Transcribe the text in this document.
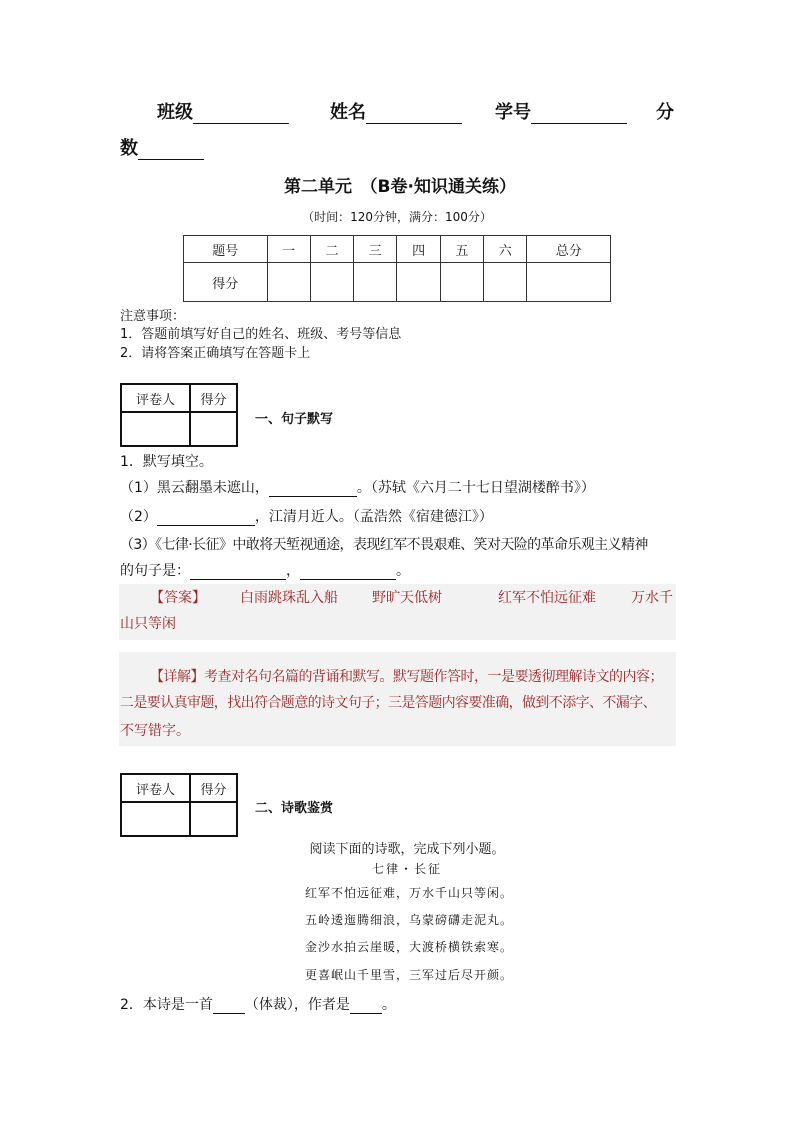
班级	姓名	学号	分
数
第二单元　（B卷·知识通关练）
（时间：120分钟，满分：100分）
题号	一	二	三	四	五	六	总分
得分							
注意事项：
1．答题前填写好自己的姓名、班级、考号等信息
2．请将答案正确填写在答题卡上
评卷人	得分

一、句子默写
1．默写填空。
（1）黑云翻墨未遮山，	。（苏轼《六月二十七日望湖楼醉书》）
（2）	，江清月近人。（孟浩然《宿建德江》）
（3）《七律·长征》中敢将天堑视通途，表现红军不畏艰难、笑对天险的革命乐观主义精神
的句子是：	，	。
【答案】 白雨跳珠乱入船 野旷天低树	红军不怕远征难	万水千
山只等闲
【详解】考查对名句名篇的背诵和默写。默写题作答时，一是要透彻理解诗文的内容；
二是要认真审题，找出符合题意的诗文句子；三是答题内容要准确，做到不添字、不漏字、
不写错字。
评卷人	得分

二、诗歌鉴赏
阅读下面的诗歌，完成下列小题。
七律・长征
红军不怕远征难，万水千山只等闲。
五岭逶迤腾细浪，乌蒙磅礴走泥丸。
金沙水拍云崖暖，大渡桥横铁索寒。
更喜岷山千里雪，三军过后尽开颜。
2．本诗是一首 （体裁），作者是 。
